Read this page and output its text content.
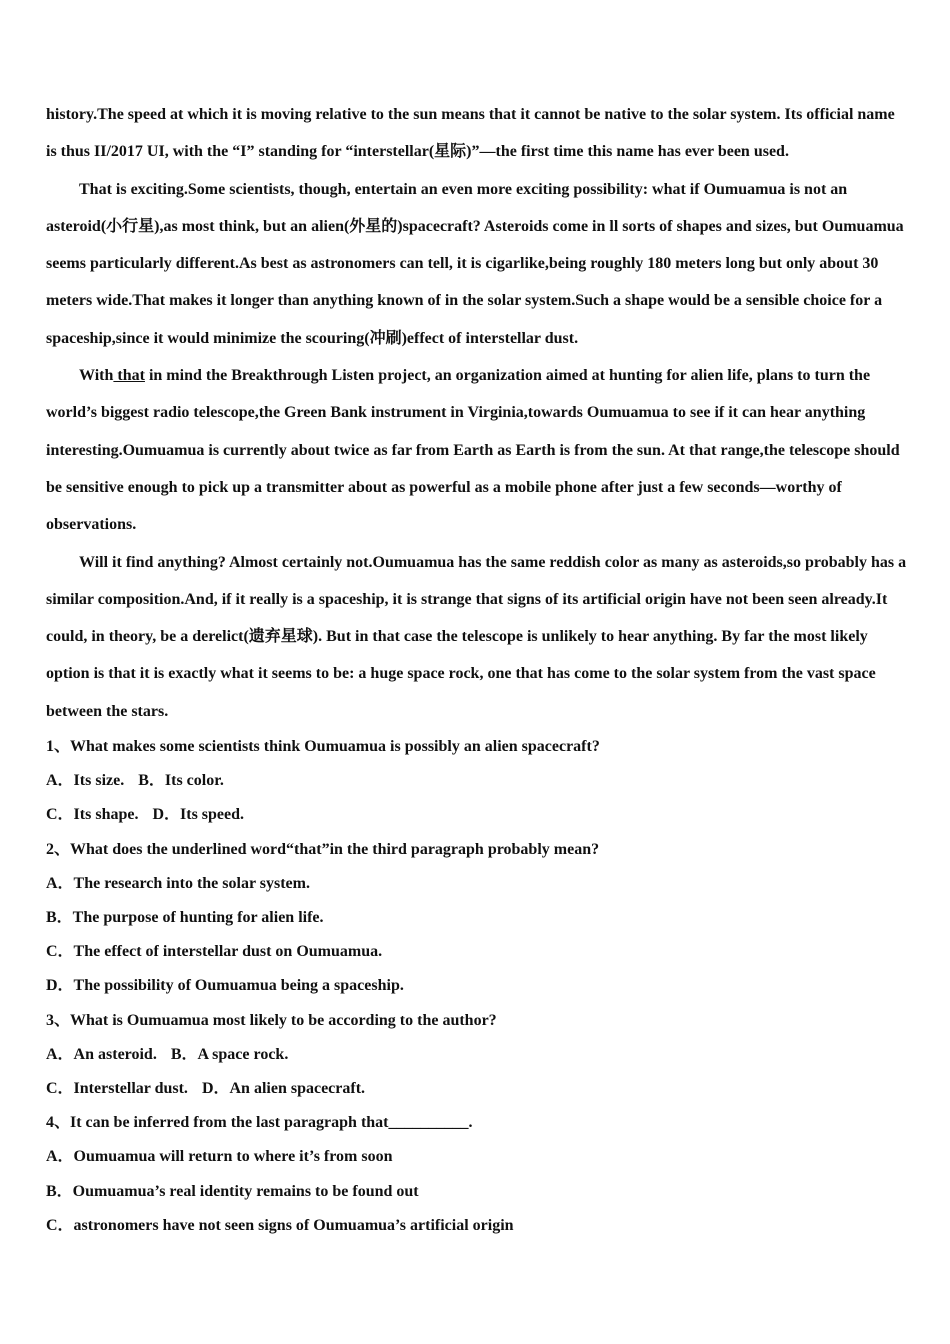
history.The speed at which it is moving relative to the sun means that it cannot be native to the solar system. Its official name is thus II/2017 UI, with the “I” standing for “interstellar(星际)”—the first time this name has ever been used.

That is exciting.Some scientists, though, entertain an even more exciting possibility: what if Oumuamua is not an asteroid(小行星),as most think, but an alien(外星的)spacecraft? Asteroids come in ll sorts of shapes and sizes, but Oumuamua seems particularly different.As best as astronomers can tell, it is cigarlike,being roughly 180 meters long but only about 30 meters wide.That makes it longer than anything known of in the solar system.Such a shape would be a sensible choice for a spaceship,since it would minimize the scouring(冲刷)effect of interstellar dust.

With that in mind the Breakthrough Listen project, an organization aimed at hunting for alien life, plans to turn the world’s biggest radio telescope,the Green Bank instrument in Virginia,towards Oumuamua to see if it can hear anything interesting.Oumuamua is currently about twice as far from Earth as Earth is from the sun. At that range,the telescope should be sensitive enough to pick up a transmitter about as powerful as a mobile phone after just a few seconds—worthy of observations.

Will it find anything? Almost certainly not.Oumuamua has the same reddish color as many as asteroids,so probably has a similar composition.And, if it really is a spaceship, it is strange that signs of its artificial origin have not been seen already.It could, in theory, be a derelict(遗弃星球). But in that case the telescope is unlikely to hear anything. By far the most likely option is that it is exactly what it seems to be: a huge space rock, one that has come to the solar system from the vast space between the stars.

1、What makes some scientists think Oumuamua is possibly an alien spacecraft?

A．Its size. B．Its color.

C．Its shape. D．Its speed.

2、What does the underlined word“that”in the third paragraph probably mean?

A．The research into the solar system.

B．The purpose of hunting for alien life.

C．The effect of interstellar dust on Oumuamua.

D．The possibility of Oumuamua being a spaceship.

3、What is Oumuamua most likely to be according to the author?

A．An asteroid. B．A space rock.

C．Interstellar dust. D．An alien spacecraft.

4、It can be inferred from the last paragraph that__________.

A．Oumuamua will return to where it’s from soon

B．Oumuamua’s real identity remains to be found out

C．astronomers have not seen signs of Oumuamua’s artificial origin
